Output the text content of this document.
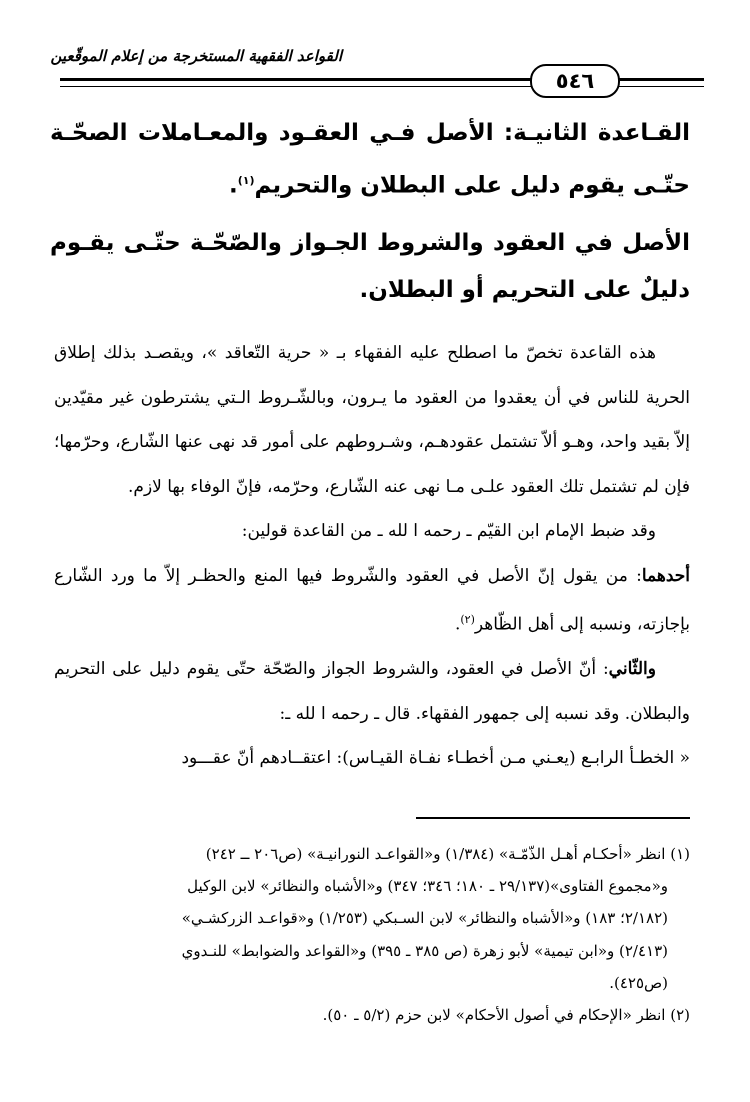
القواعد الفقهية المستخرجة من إعلام الموقّعين
٥٤٦
القـاعدة الثانيـة: الأصل فـي العقـود والمعـاملات الصحّـة حتّـى يقوم دليل على البطلان والتحريم$^{(١)}$.
الأصل في العقود والشروط الجـواز والصّحّـة حتّـى يقـوم دليلٌ على التحريم أو البطلان.

هذه القاعدة تخصّ ما اصطلح عليه الفقهاء بـ « حرية التّعاقد »، ويقصـد بذلك إطلاق الحرية للناس في أن يعقدوا من العقود ما يـرون، وبالشّـروط الـتي يشترطون غير مقيّدين إلاّ بقيد واحد، وهـو ألاّ تشتمل عقودهـم، وشـروطهم على أمور قد نهى عنها الشّارع، وحرّمها؛ فإن لم تشتمل تلك العقود علـى مـا نهى عنه الشّارع، وحرّمه، فإنّ الوفاء بها لازم.

وقد ضبط الإمام ابن القيّم ـ رحمه ا لله ـ من القاعدة قولين:

أحدهما: من يقول إنّ الأصل في العقود والشّروط فيها المنع والحظـر إلاّ ما ورد الشّارع بإجازته، ونسبه إلى أهل الظّاهر$^{(٢)}$.

والثّاني: أنّ الأصل في العقود، والشروط الجواز والصّحّة حتّى يقوم دليل على التحريم والبطلان. وقد نسبه إلى جمهور الفقهاء. قال ـ رحمه ا لله ـ:

« الخطـأ الرابـع (يعـني مـن أخطـاء نفـاة القيـاس): اعتقــادهم أنّ عقـــود

(١) انظر «أحكـام أهـل الذّمّـة» (١/٣٨٤) و«القواعـد النورانيـة» (ص٢٠٦ ــ ٢٤٢)

و«مجموع الفتاوى»(٢٩/١٣٧ ـ ١٨٠؛ ٣٤٦؛ ٣٤٧) و«الأشباه والنظائر» لابن الوكيل

(٢/١٨٢؛ ١٨٣) و«الأشباه والنظائر» لابن السـبكي (١/٢٥٣) و«قواعـد الزركشـي»

(٢/٤١٣) و«ابن تيمية» لأبو زهرة (ص ٣٨٥ ـ ٣٩٥) و«القواعد والضوابط» للنـدوي

(ص٤٢٥).

(٢) انظر «الإحكام في أصول الأحكام» لابن حزم (٥/٢ ـ ٥٠).
